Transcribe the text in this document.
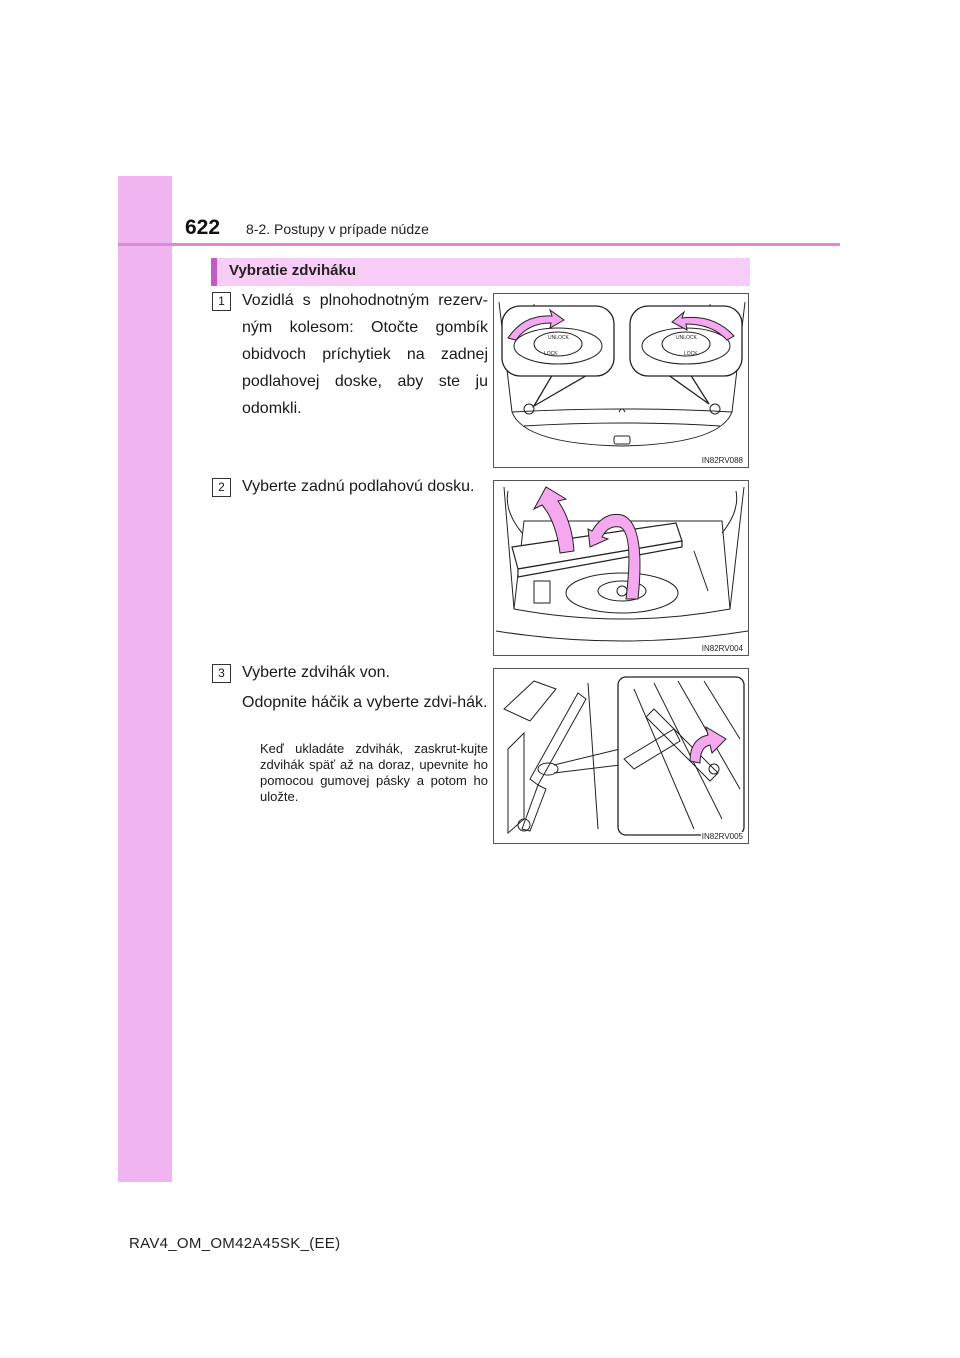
622 8-2. Postupy v prípade núdze
Vybratie zdviháku
1	Vozidlá s plnohodnotným rezerv-ným kolesom: Otočte gombík obidvoch príchytiek na zadnej podlahovej doske, aby ste ju odomkli.
UNLOCK
LOCK
UNLOCK
LOCK
IN82RV088
2	Vyberte zadnú podlahovú dosku.
IN82RV004
3	Vyberte zdvihák von.
Odopnite háčik a vyberte zdvi-hák.
Keď ukladáte zdvihák, zaskrut-kujte zdvihák späť až na doraz, upevnite ho pomocou gumovej pásky a potom ho uložte.
IN82RV005
RAV4_OM_OM42A45SK_(EE)
